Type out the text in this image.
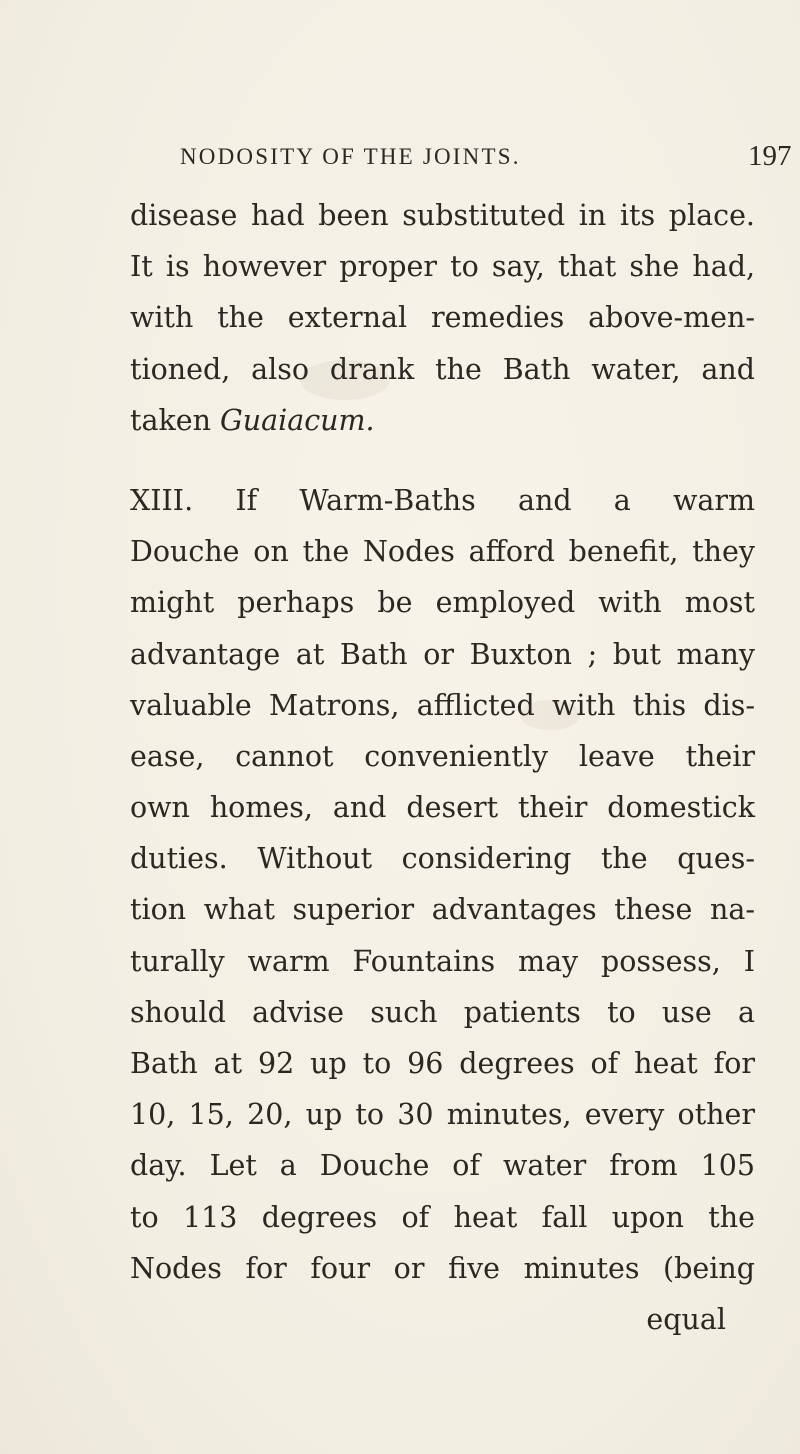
NODOSITY OF THE JOINTS.	197
disease had been substituted in its place.
It is however proper to say, that she had,
with the external remedies above-men-
tioned, also drank the Bath water, and
taken Guaiacum.
XIII. If Warm-Baths and a warm
Douche on the Nodes afford benefit, they
might perhaps be employed with most
advantage at Bath or Buxton ; but many
valuable Matrons, afflicted with this dis-
ease, cannot conveniently leave their
own homes, and desert their domestick
duties. Without considering the ques-
tion what superior advantages these na-
turally warm Fountains may possess, I
should advise such patients to use a
Bath at 92 up to 96 degrees of heat for
10, 15, 20, up to 30 minutes, every other
day. Let a Douche of water from 105
to 113 degrees of heat fall upon the
Nodes for four or five minutes (being
equal
